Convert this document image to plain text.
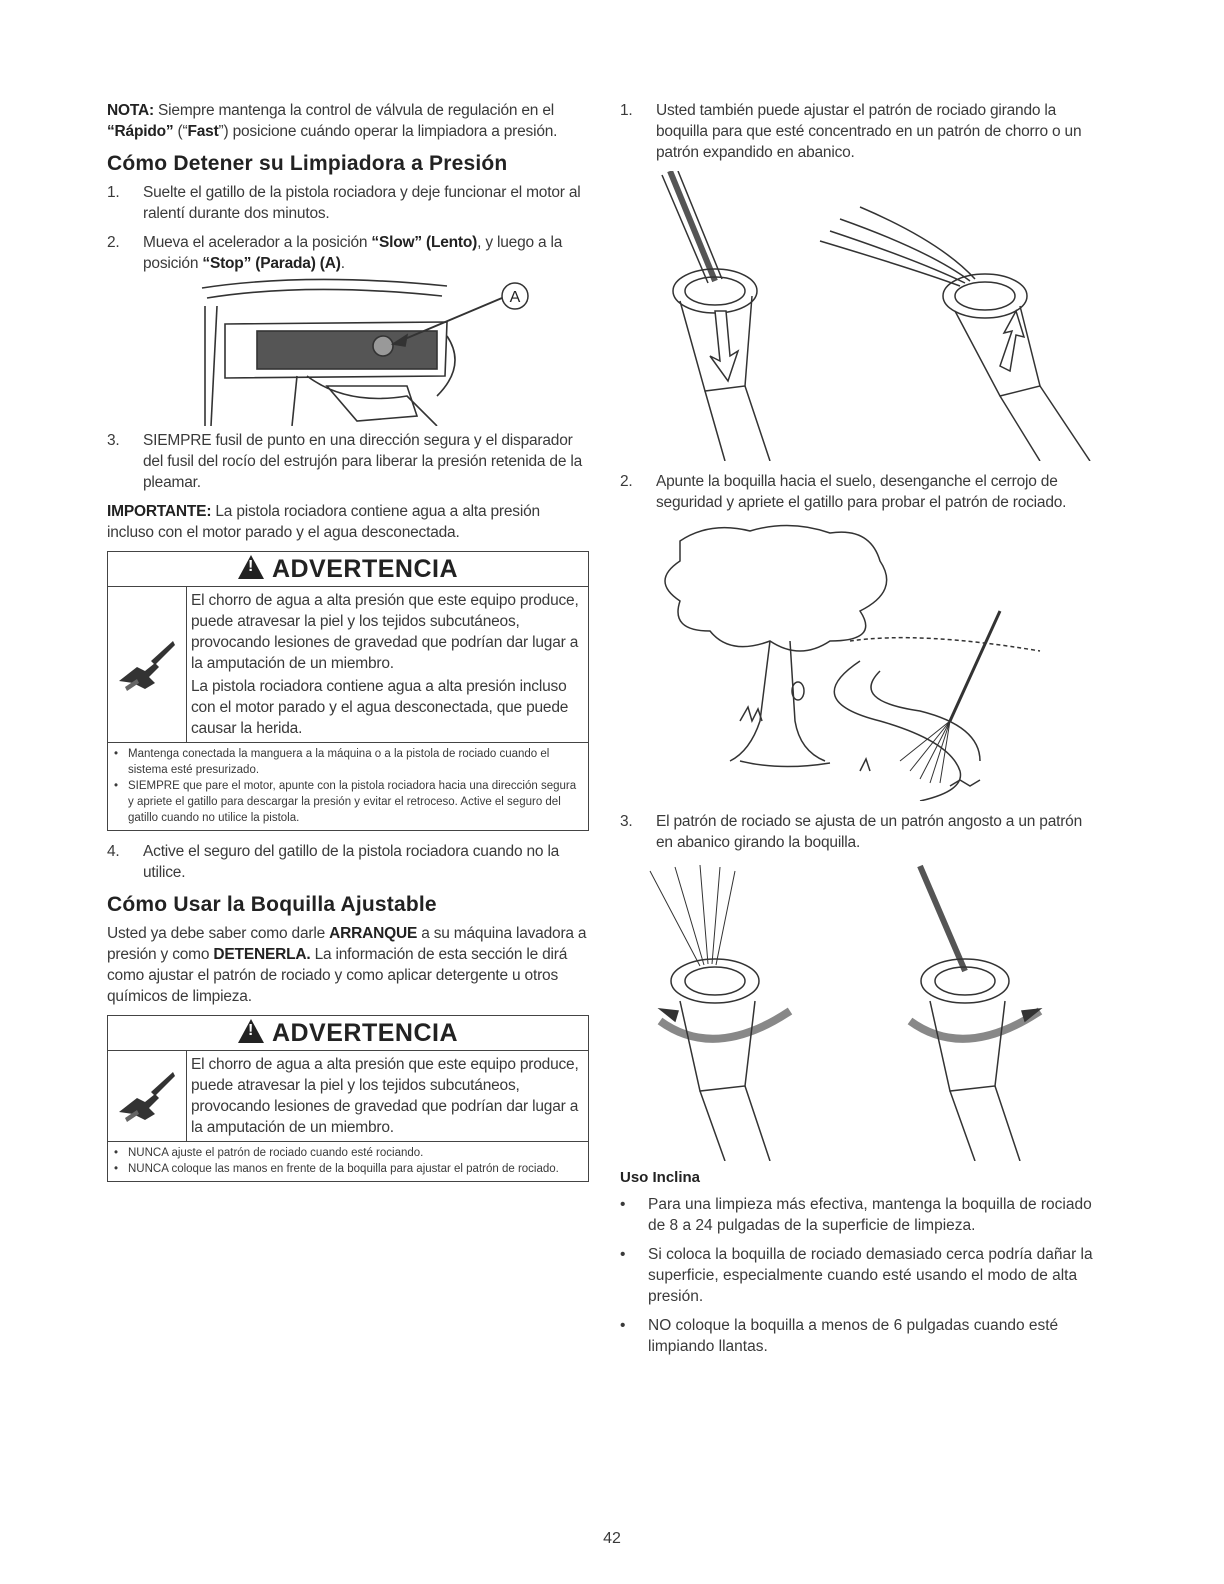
NOTA: Siempre mantenga la control de válvula de regulación en el “Rápido” (“Fast”) posicione cuándo operar la limpiadora a presión.

Cómo Detener su Limpiadora a Presión
1.	Suelte el gatillo de la pistola rociadora y deje funcionar el motor al ralentí durante dos minutos.
2.	Mueva el acelerador a la posición “Slow” (Lento), y luego a la posición “Stop” (Parada) (A).
A
3.	SIEMPRE fusil de punto en una dirección segura y el disparador del fusil del rocío del estrujón para liberar la presión retenida de la pleamar.

IMPORTANTE: La pistola rociadora contiene agua a alta presión incluso con el motor parado y el agua desconectada.

!ADVERTENCIA

El chorro de agua a alta presión que este equipo produce, puede atravesar la piel y los tejidos subcutáneos, provocando lesiones de gravedad que podrían dar lugar a la amputación de un miembro.

La pistola rociadora contiene agua a alta presión incluso con el motor parado y el agua desconectada, que puede causar la herida.

• Mantenga conectada la manguera a la máquina o a la pistola de rociado cuando el sistema esté presurizado.
• SIEMPRE que pare el motor, apunte con la pistola rociadora hacia una dirección segura y apriete el gatillo para descargar la presión y evitar el retroceso. Active el seguro del gatillo cuando no utilice la pistola.
4.	Active el seguro del gatillo de la pistola rociadora cuando no la utilice.
Cómo Usar la Boquilla Ajustable

Usted ya debe saber como darle ARRANQUE a su máquina lavadora a presión y como DETENERLA. La información de esta sección le dirá como ajustar el patrón de rociado y como aplicar detergente u otros químicos de limpieza.

!ADVERTENCIA

El chorro de agua a alta presión que este equipo produce, puede atravesar la piel y los tejidos subcutáneos, provocando lesiones de gravedad que podrían dar lugar a la amputación de un miembro.

• NUNCA ajuste el patrón de rociado cuando esté rociando.
• NUNCA coloque las manos en frente de la boquilla para ajustar el patrón de rociado.
1.	Usted también puede ajustar el patrón de rociado girando la boquilla para que esté concentrado en un patrón de chorro o un patrón expandido en abanico.
2.	Apunte la boquilla hacia el suelo, desenganche el cerrojo de seguridad y apriete el gatillo para probar el patrón de rociado.
3.	El patrón de rociado se ajusta de un patrón angosto a un patrón en abanico girando la boquilla.
Uso Inclina
•	Para una limpieza más efectiva, mantenga la boquilla de rociado de 8 a 24 pulgadas de la superficie de limpieza.
•	Si coloca la boquilla de rociado demasiado cerca podría dañar la superficie, especialmente cuando esté usando el modo de alta presión.
•	NO coloque la boquilla a menos de 6 pulgadas cuando esté limpiando llantas.
42
